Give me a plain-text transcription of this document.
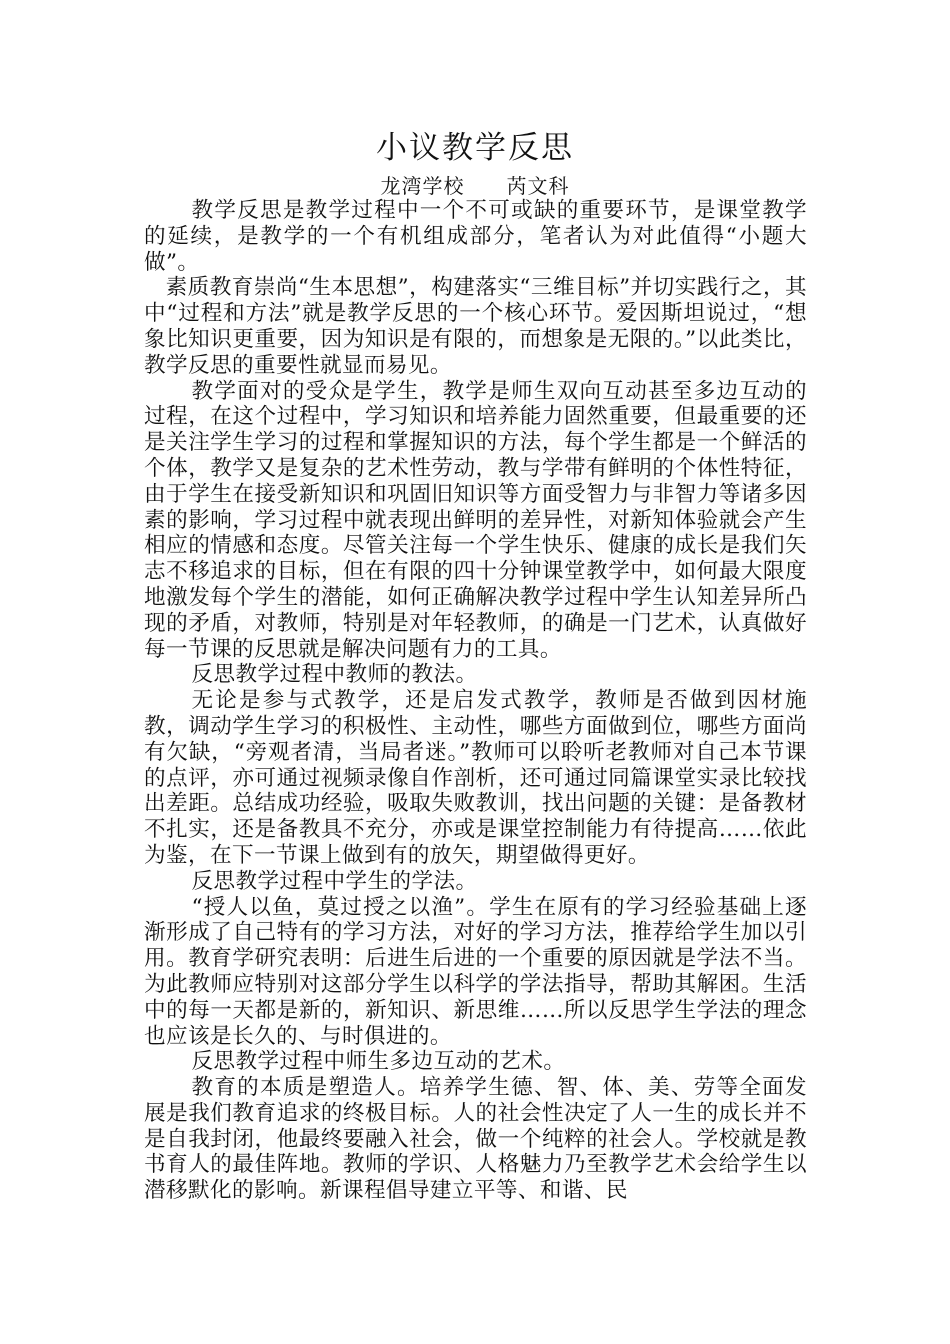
小议教学反思
龙湾学校　　芮文科

教学反思是教学过程中一个不可或缺的重要环节，是课堂教学的延续，是教学的一个有机组成部分，笔者认为对此值得“小题大做”。

素质教育崇尚“生本思想”，构建落实“三维目标”并切实践行之，其中“过程和方法”就是教学反思的一个核心环节。爱因斯坦说过，“想象比知识更重要，因为知识是有限的，而想象是无限的。”以此类比，教学反思的重要性就显而易见。

教学面对的受众是学生，教学是师生双向互动甚至多边互动的过程，在这个过程中，学习知识和培养能力固然重要，但最重要的还是关注学生学习的过程和掌握知识的方法，每个学生都是一个鲜活的个体，教学又是复杂的艺术性劳动，教与学带有鲜明的个体性特征，由于学生在接受新知识和巩固旧知识等方面受智力与非智力等诸多因素的影响，学习过程中就表现出鲜明的差异性，对新知体验就会产生相应的情感和态度。尽管关注每一个学生快乐、健康的成长是我们矢志不移追求的目标，但在有限的四十分钟课堂教学中，如何最大限度地激发每个学生的潜能，如何正确解决教学过程中学生认知差异所凸现的矛盾，对教师，特别是对年轻教师，的确是一门艺术，认真做好每一节课的反思就是解决问题有力的工具。

反思教学过程中教师的教法。

无论是参与式教学，还是启发式教学，教师是否做到因材施教，调动学生学习的积极性、主动性，哪些方面做到位，哪些方面尚有欠缺，“旁观者清，当局者迷。”教师可以聆听老教师对自己本节课的点评，亦可通过视频录像自作剖析，还可通过同篇课堂实录比较找出差距。总结成功经验，吸取失败教训，找出问题的关键：是备教材不扎实，还是备教具不充分，亦或是课堂控制能力有待提高……依此为鉴，在下一节课上做到有的放矢，期望做得更好。

反思教学过程中学生的学法。

“授人以鱼，莫过授之以渔”。学生在原有的学习经验基础上逐渐形成了自己特有的学习方法，对好的学习方法，推荐给学生加以引用。教育学研究表明：后进生后进的一个重要的原因就是学法不当。为此教师应特别对这部分学生以科学的学法指导，帮助其解困。生活中的每一天都是新的，新知识、新思维……所以反思学生学法的理念也应该是长久的、与时俱进的。

反思教学过程中师生多边互动的艺术。

教育的本质是塑造人。培养学生德、智、体、美、劳等全面发展是我们教育追求的终极目标。人的社会性决定了人一生的成长并不是自我封闭，他最终要融入社会，做一个纯粹的社会人。学校就是教书育人的最佳阵地。教师的学识、人格魅力乃至教学艺术会给学生以潜移默化的影响。新课程倡导建立平等、和谐、民
